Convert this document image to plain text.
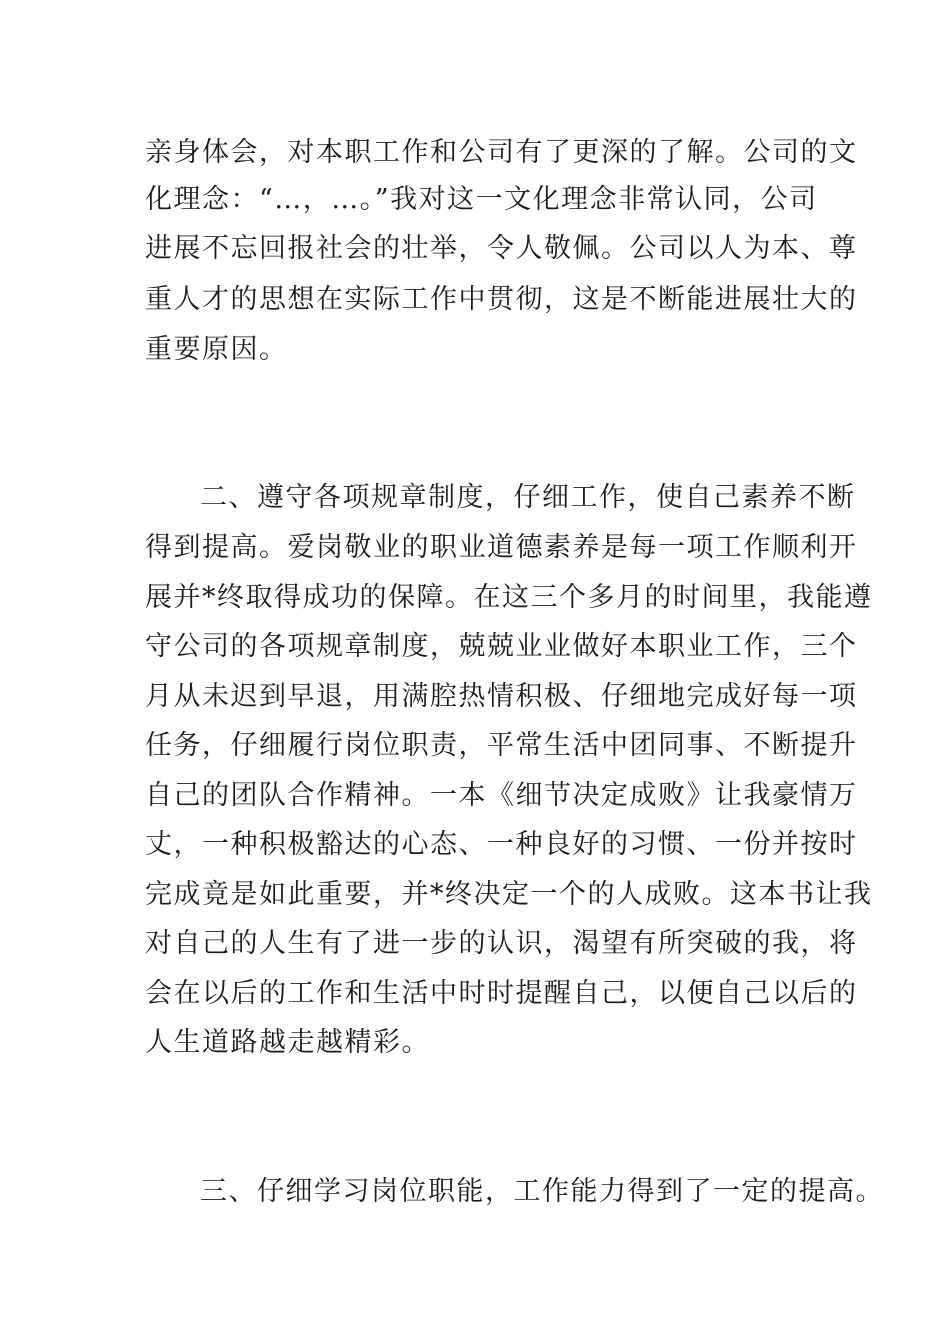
亲身体会，对本职工作和公司有了更深的了解。公司的文
化理念：“…，…。”我对这一文化理念非常认同，公司
进展不忘回报社会的壮举，令人敬佩。公司以人为本、尊
重人才的思想在实际工作中贯彻，这是不断能进展壮大的
重要原因。
二、遵守各项规章制度，仔细工作，使自己素养不断
得到提高。爱岗敬业的职业道德素养是每一项工作顺利开
展并*终取得成功的保障。在这三个多月的时间里，我能遵
守公司的各项规章制度，兢兢业业做好本职业工作，三个
月从未迟到早退，用满腔热情积极、仔细地完成好每一项
任务，仔细履行岗位职责，平常生活中团同事、不断提升
自己的团队合作精神。一本《细节决定成败》让我豪情万
丈，一种积极豁达的心态、一种良好的习惯、一份并按时
完成竟是如此重要，并*终决定一个的人成败。这本书让我
对自己的人生有了进一步的认识，渴望有所突破的我，将
会在以后的工作和生活中时时提醒自己，以便自己以后的
人生道路越走越精彩。
三、仔细学习岗位职能，工作能力得到了一定的提高。
